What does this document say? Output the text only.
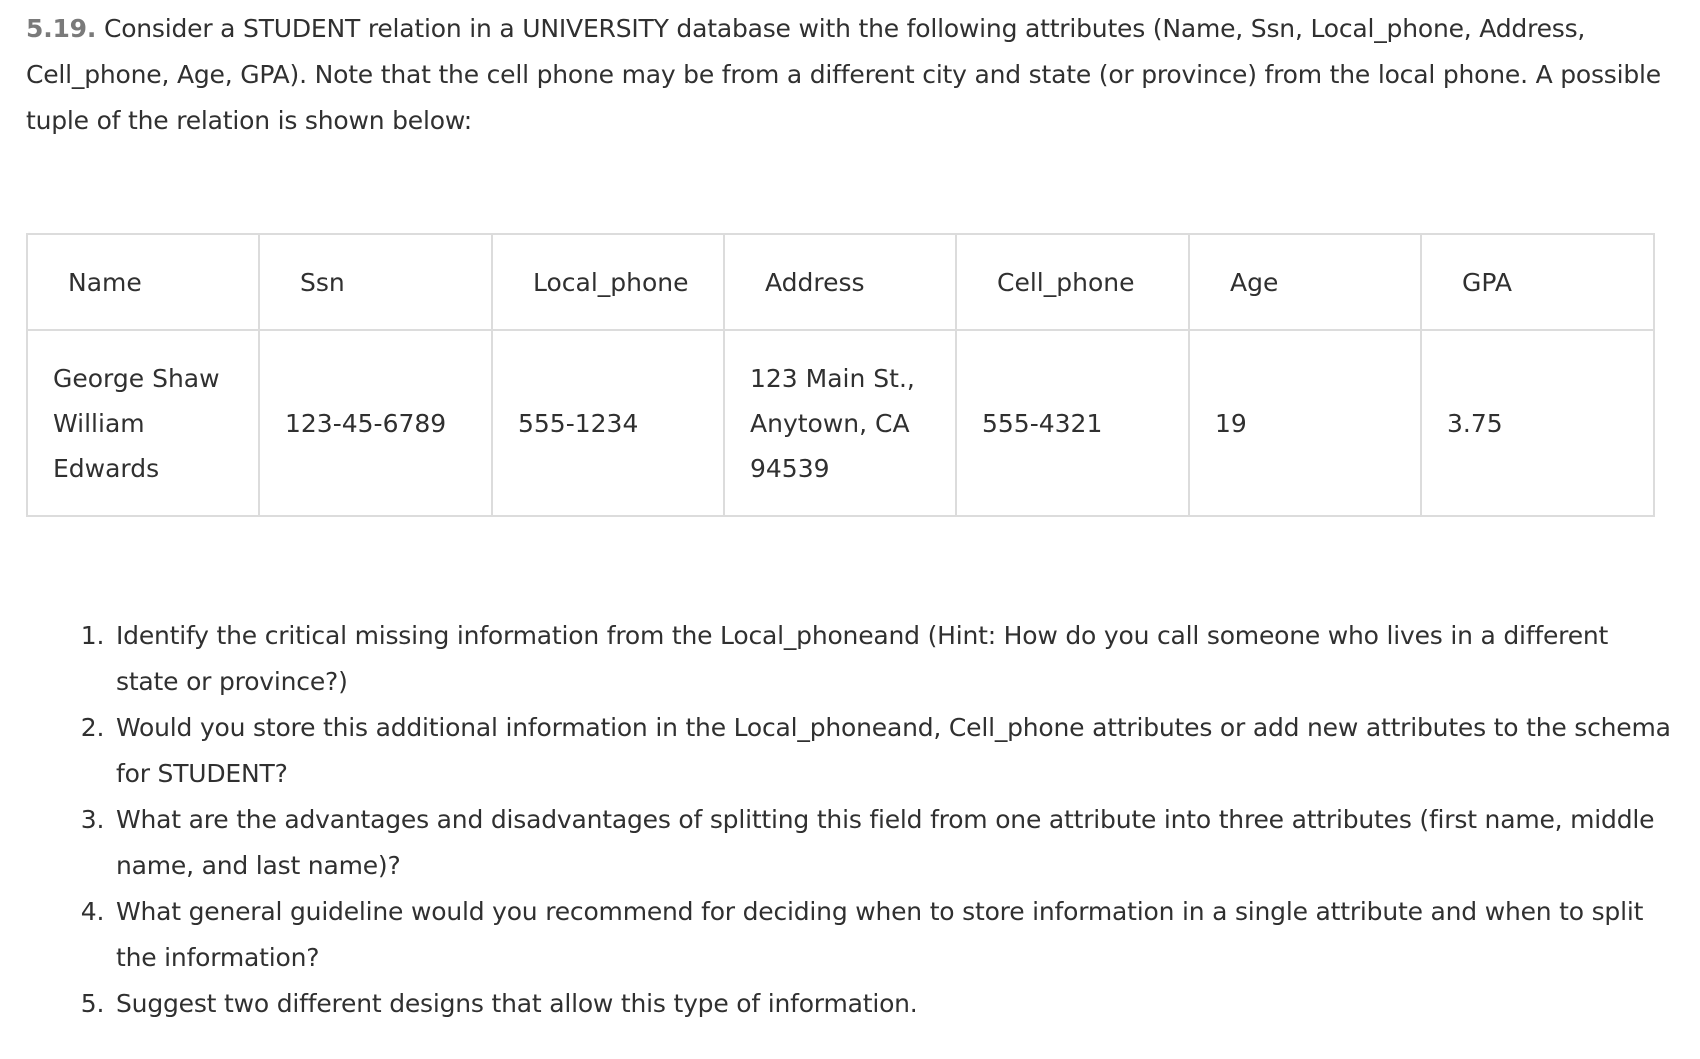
5.19. Consider a STUDENT relation in a UNIVERSITY database with the following attributes (Name, Ssn, Local_phone, Address, Cell_phone, Age, GPA). Note that the cell phone may be from a different city and state (or province) from the local phone. A possible tuple of the relation is shown below:

Name	Ssn	Local_phone	Address	Cell_phone	Age	GPA
George Shaw William Edwards	123-45-6789	555-1234	123 Main St., Anytown, CA 94539	555-4321	19	3.75
1. Identify the critical missing information from the Local_phoneand (Hint: How do you call someone who lives in a different state or province?)
2. Would you store this additional information in the Local_phoneand, Cell_phone attributes or add new attributes to the schema for STUDENT?
3. What are the advantages and disadvantages of splitting this field from one attribute into three attributes (first name, middle name, and last name)?
4. What general guideline would you recommend for deciding when to store information in a single attribute and when to split the information?
5. Suggest two different designs that allow this type of information.
